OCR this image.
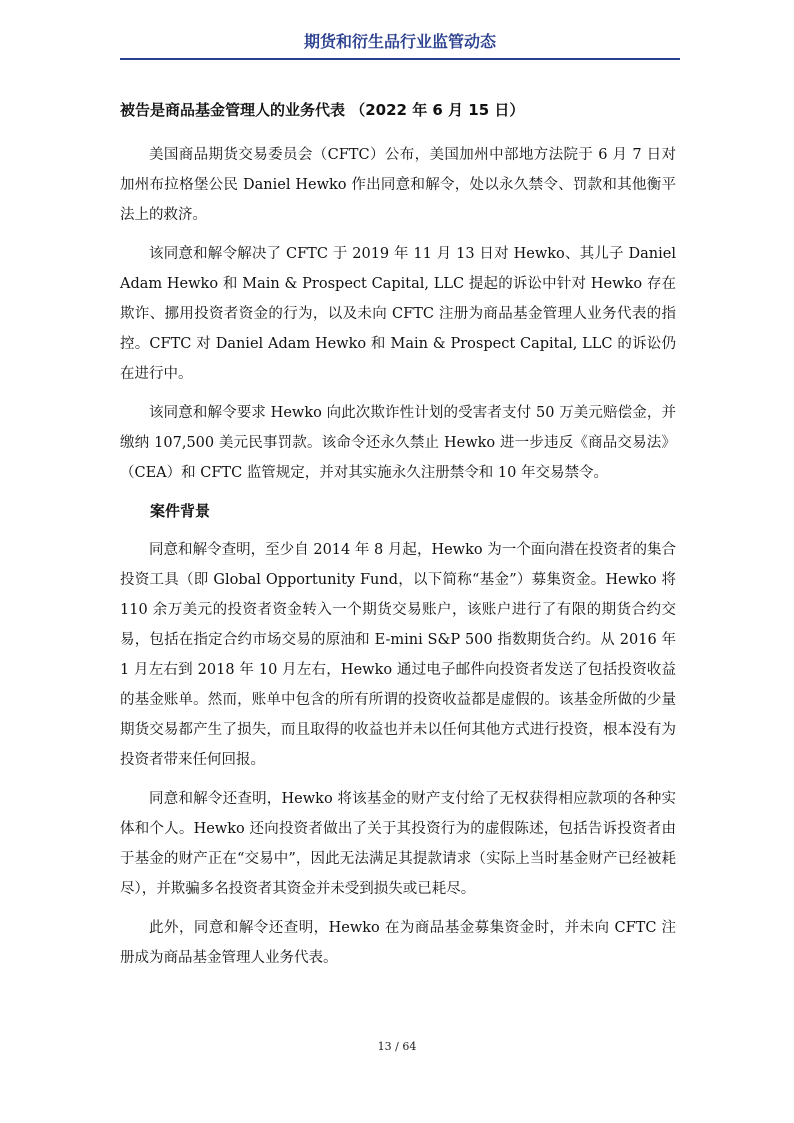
期货和衍生品行业监管动态
被告是商品基金管理人的业务代表 （2022 年 6 月 15 日）

美国商品期货交易委员会（CFTC）公布，美国加州中部地方法院于 6 月 7 日对加州布拉格堡公民 Daniel Hewko 作出同意和解令，处以永久禁令、罚款和其他衡平法上的救济。

该同意和解令解决了 CFTC 于 2019 年 11 月 13 日对 Hewko、其儿子 Daniel Adam Hewko 和 Main & Prospect Capital, LLC 提起的诉讼中针对 Hewko 存在欺诈、挪用投资者资金的行为，以及未向 CFTC 注册为商品基金管理人业务代表的指控。CFTC 对 Daniel Adam Hewko 和 Main & Prospect Capital, LLC 的诉讼仍在进行中。

该同意和解令要求 Hewko 向此次欺诈性计划的受害者支付 50 万美元赔偿金，并缴纳 107,500 美元民事罚款。该命令还永久禁止 Hewko 进一步违反《商品交易法》（CEA）和 CFTC 监管规定，并对其实施永久注册禁令和 10 年交易禁令。

案件背景

同意和解令查明，至少自 2014 年 8 月起，Hewko 为一个面向潜在投资者的集合投资工具（即 Global Opportunity Fund，以下简称“基金”）募集资金。Hewko 将 110 余万美元的投资者资金转入一个期货交易账户，该账户进行了有限的期货合约交易，包括在指定合约市场交易的原油和 E-mini S&P 500 指数期货合约。从 2016 年 1 月左右到 2018 年 10 月左右，Hewko 通过电子邮件向投资者发送了包括投资收益的基金账单。然而，账单中包含的所有所谓的投资收益都是虚假的。该基金所做的少量期货交易都产生了损失，而且取得的收益也并未以任何其他方式进行投资，根本没有为投资者带来任何回报。

同意和解令还查明，Hewko 将该基金的财产支付给了无权获得相应款项的各种实体和个人。Hewko 还向投资者做出了关于其投资行为的虚假陈述，包括告诉投资者由于基金的财产正在“交易中”，因此无法满足其提款请求（实际上当时基金财产已经被耗尽），并欺骗多名投资者其资金并未受到损失或已耗尽。

此外，同意和解令还查明，Hewko 在为商品基金募集资金时，并未向 CFTC 注册成为商品基金管理人业务代表。

13 / 64
